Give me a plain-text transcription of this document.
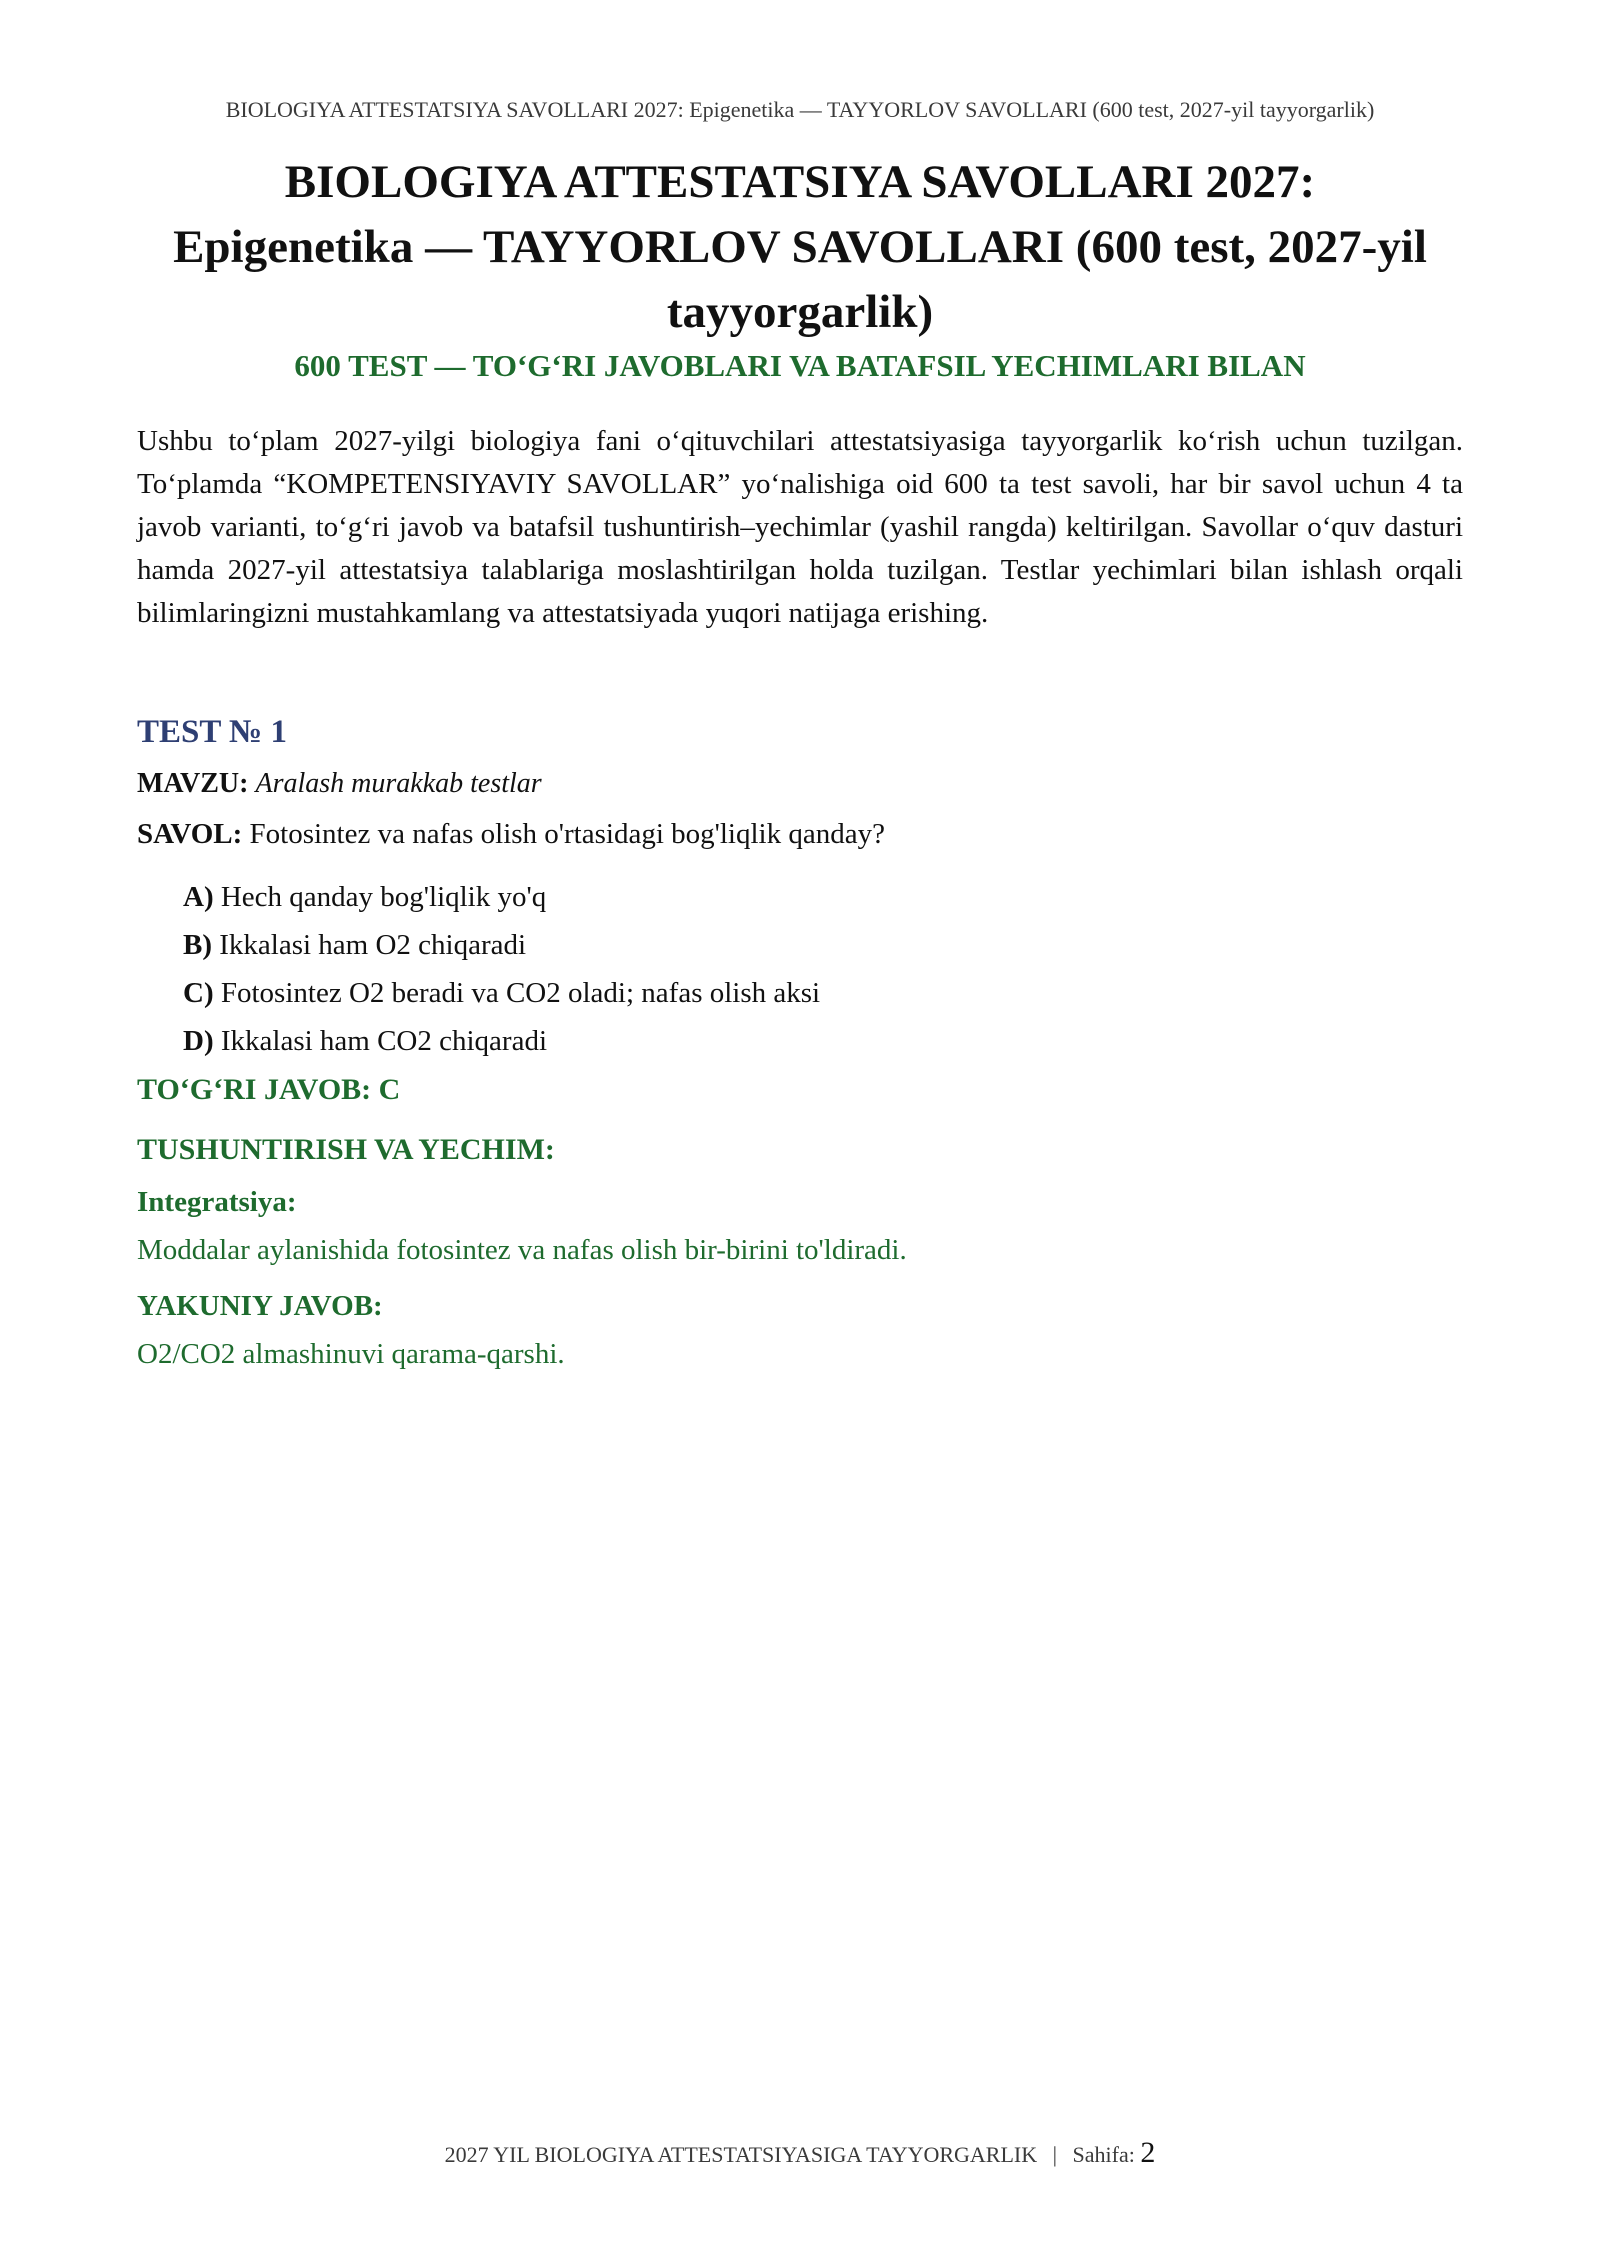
BIOLOGIYA ATTESTATSIYA SAVOLLARI 2027: Epigenetika — TAYYORLOV SAVOLLARI (600 test, 2027-yil tayyorgarlik)
BIOLOGIYA ATTESTATSIYA SAVOLLARI 2027:
Epigenetika — TAYYORLOV SAVOLLARI (600 test, 2027-yil
tayyorgarlik)
600 TEST — TO‘G‘RI JAVOBLARI VA BATAFSIL YECHIMLARI BILAN

Ushbu to‘plam 2027-yilgi biologiya fani o‘qituvchilari attestatsiyasiga tayyorgarlik ko‘rish uchun tuzilgan. To‘plamda “KOMPETENSIYAVIY SAVOLLAR” yo‘nalishiga oid 600 ta test savoli, har bir savol uchun 4 ta javob varianti, to‘g‘ri javob va batafsil tushuntirish–yechimlar (yashil rangda) keltirilgan. Savollar o‘quv dasturi hamda 2027-yil attestatsiya talablariga moslashtirilgan holda tuzilgan. Testlar yechimlari bilan ishlash orqali bilimlaringizni mustahkamlang va attestatsiyada yuqori natijaga erishing.

TEST № 1
MAVZU: Aralash murakkab testlar
SAVOL: Fotosintez va nafas olish o'rtasidagi bog'liqlik qanday?
A) Hech qanday bog'liqlik yo'q
B) Ikkalasi ham O2 chiqaradi
C) Fotosintez O2 beradi va CO2 oladi; nafas olish aksi
D) Ikkalasi ham CO2 chiqaradi
TO‘G‘RI JAVOB: C
TUSHUNTIRISH VA YECHIM:
Integratsiya:
Moddalar aylanishida fotosintez va nafas olish bir-birini to'ldiradi.
YAKUNIY JAVOB:
O2/CO2 almashinuvi qarama-qarshi.
2027 YIL BIOLOGIYA ATTESTATSIYASIGA TAYYORGARLIK | Sahifa: 2
